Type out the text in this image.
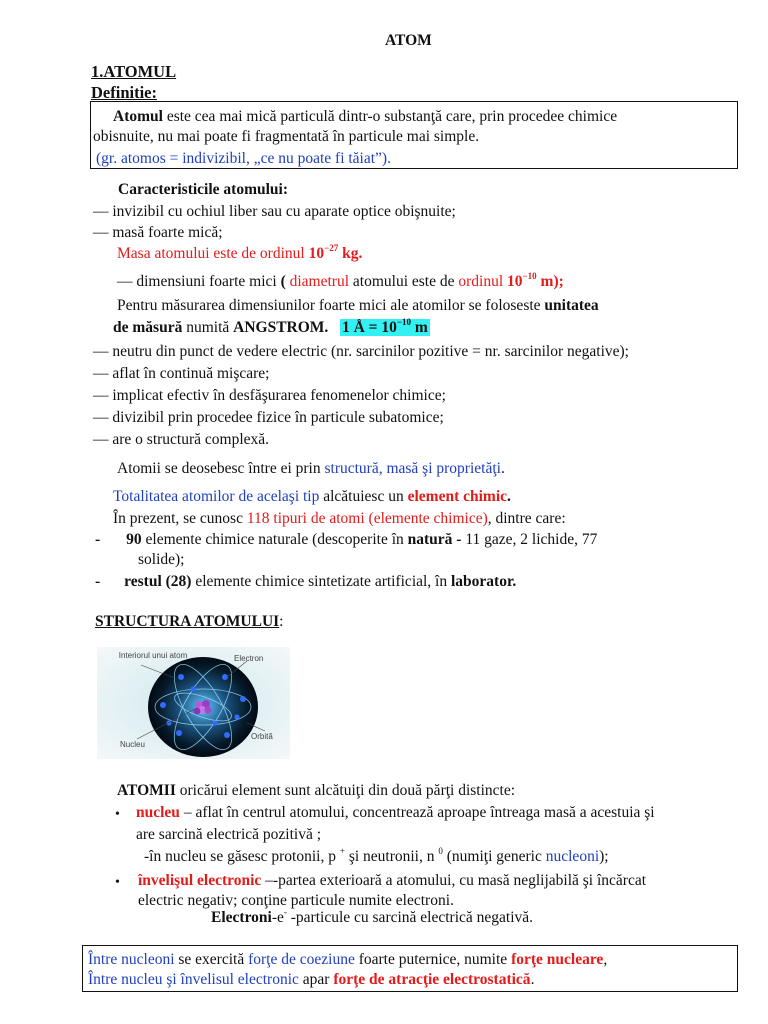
ATOM
1.ATOMUL
Definitie:
Atomul este cea mai mică particulă dintr-o substanţă care, prin procedee chimice
obisnuite, nu mai poate fi fragmentată în particule mai simple.
(gr. atomos = indivizibil, „ce nu poate fi tăiat”).
Caracteristicile atomului:
— invizibil cu ochiul liber sau cu aparate optice obişnuite;
— masă foarte mică;
Masa atomului este de ordinul $10^{-27}$ kg.
— dimensiuni foarte mici ( diametrul atomului este de ordinul $10^{-10}$ m);
Pentru măsurarea dimensiunilor foarte mici ale atomilor se foloseste unitatea
de măsură numită ANGSTROM. 1 Å = $10^{-10}$ m
— neutru din punct de vedere electric (nr. sarcinilor pozitive = nr. sarcinilor negative);
— aflat în continuă mişcare;
— implicat efectiv în desfăşurarea fenomenelor chimice;
— divizibil prin procedee fizice în particule subatomice;
— are o structură complexă.
Atomii se deosebesc între ei prin structură, masă şi proprietăţi.
Totalitatea atomilor de acelaşi tip alcătuiesc un element chimic.
În prezent, se cunosc 118 tipuri de atomi (elemente chimice), dintre care:
- 90 elemente chimice naturale (descoperite în natură - 11 gaze, 2 lichide, 77
solide);
- restul (28) elemente chimice sintetizate artificial, în laborator.
STRUCTURA ATOMULUI:
Interiorul unui atom	Electron
Nucleu
Orbită
ATOMII oricărui element sunt alcătuiţi din două părţi distincte:
• nucleu – aflat în centrul atomului, concentrează aproape întreaga masă a acestuia şi
are sarcină electrică pozitivă ;
-în nucleu se găsesc protonii, p + şi neutronii, n $^0$ (numiţi generic nucleoni);
• învelişul electronic –-partea exterioară a atomului, cu masă neglijabilă şi încărcat
electric negativ; conţine particule numite electroni.
Electroni-e- -particule cu sarcină electrică negativă.
Între nucleoni se exercită forţe de coeziune foarte puternice, numite forţe nucleare,
Între nucleu şi învelisul electronic apar forţe de atracţie electrostatică.
